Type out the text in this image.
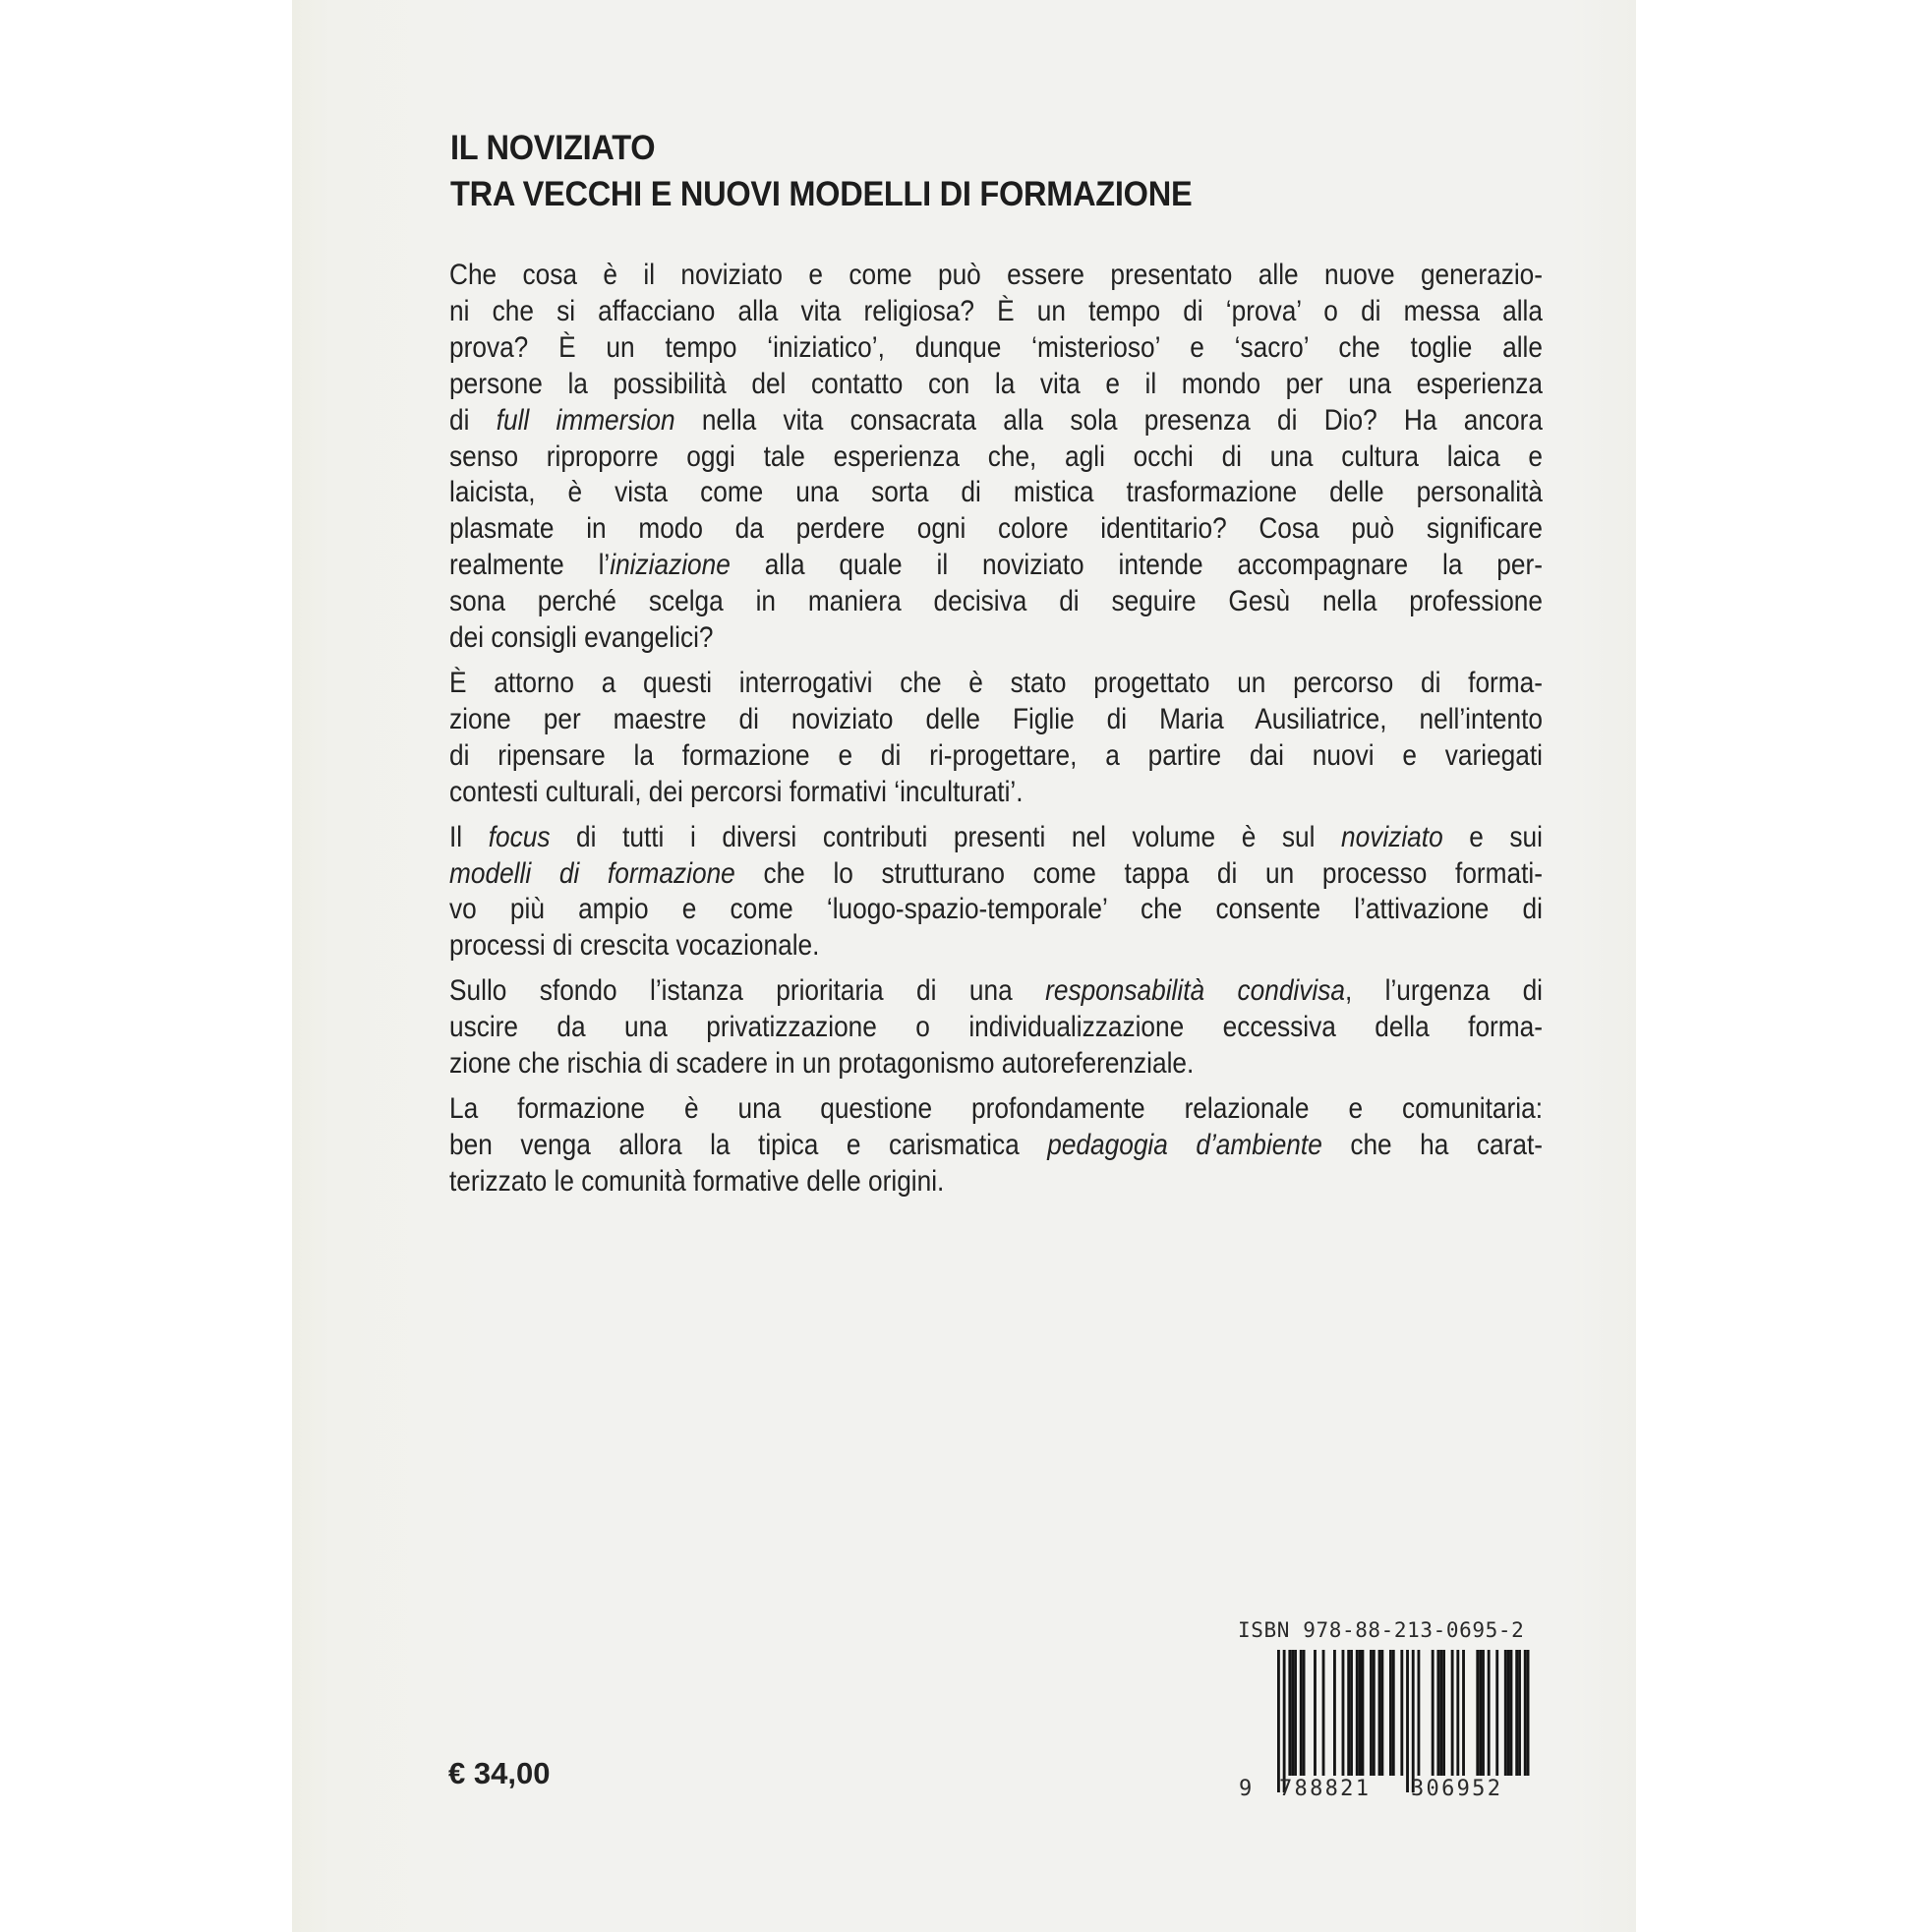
IL NOVIZIATO
TRA VECCHI E NUOVI MODELLI DI FORMAZIONE
Che cosa è il noviziato e come può essere presentato alle nuove generazio-
ni che si affacciano alla vita religiosa? È un tempo di ‘prova’ o di messa alla
prova? È un tempo ‘iniziatico’, dunque ‘misterioso’ e ‘sacro’ che toglie alle
persone la possibilità del contatto con la vita e il mondo per una esperienza
di full immersion nella vita consacrata alla sola presenza di Dio? Ha ancora
senso riproporre oggi tale esperienza che, agli occhi di una cultura laica e
laicista, è vista come una sorta di mistica trasformazione delle personalità
plasmate in modo da perdere ogni colore identitario? Cosa può significare
realmente l’iniziazione alla quale il noviziato intende accompagnare la per-
sona perché scelga in maniera decisiva di seguire Gesù nella professione
dei consigli evangelici?
È attorno a questi interrogativi che è stato progettato un percorso di forma-
zione per maestre di noviziato delle Figlie di Maria Ausiliatrice, nell’intento
di ripensare la formazione e di ri-progettare, a partire dai nuovi e variegati
contesti culturali, dei percorsi formativi ‘inculturati’.
Il focus di tutti i diversi contributi presenti nel volume è sul noviziato e sui
modelli di formazione che lo strutturano come tappa di un processo formati-
vo più ampio e come ‘luogo-spazio-temporale’ che consente l’attivazione di
processi di crescita vocazionale.
Sullo sfondo l’istanza prioritaria di una responsabilità condivisa, l’urgenza di
uscire da una privatizzazione o individualizzazione eccessiva della forma-
zione che rischia di scadere in un protagonismo autoreferenziale.
La formazione è una questione profondamente relazionale e comunitaria:
ben venga allora la tipica e carismatica pedagogia d’ambiente che ha carat-
terizzato le comunità formative delle origini.
€ 34,00
ISBN 978-88-213-0695-2
9 788821 306952
